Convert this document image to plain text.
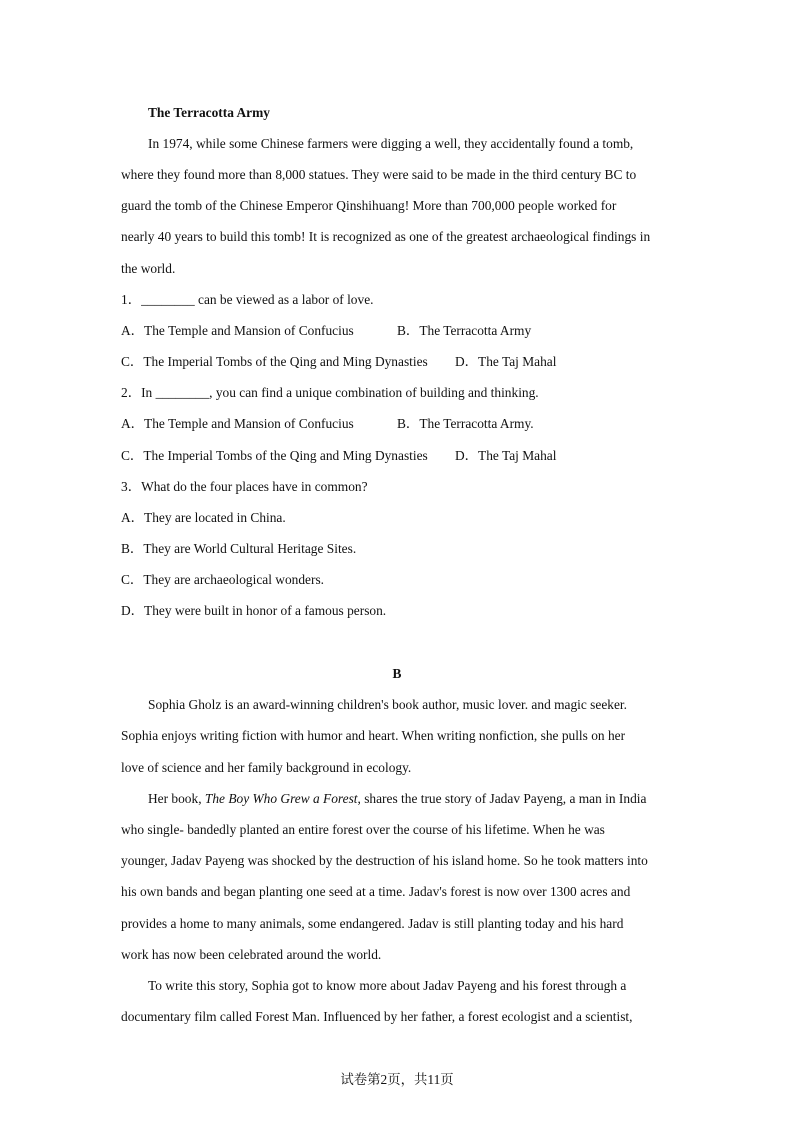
The Terracotta Army
In 1974, while some Chinese farmers were digging a well, they accidentally found a tomb,
where they found more than 8,000 statues. They were said to be made in the third century BC to
guard the tomb of the Chinese Emperor Qinshihuang! More than 700,000 people worked for
nearly 40 years to build this tomb! It is recognized as one of the greatest archaeological findings in
the world.
1．________ can be viewed as a labor of love.
A．The Temple and Mansion of Confucius	B．The Terracotta Army
C．The Imperial Tombs of the Qing and Ming Dynasties D．The Taj Mahal
2．In ________, you can find a unique combination of building and thinking.
A．The Temple and Mansion of Confucius	B．The Terracotta Army.
C．The Imperial Tombs of the Qing and Ming Dynasties D．The Taj Mahal
3．What do the four places have in common?
A．They are located in China.
B．They are World Cultural Heritage Sites.
C．They are archaeological wonders.
D．They were built in honor of a famous person.
B
Sophia Gholz is an award-winning children's book author, music lover. and magic seeker.
Sophia enjoys writing fiction with humor and heart. When writing nonfiction, she pulls on her
love of science and her family background in ecology.
Her book, The Boy Who Grew a Forest, shares the true story of Jadav Payeng, a man in India
who single- bandedly planted an entire forest over the course of his lifetime. When he was
younger, Jadav Payeng was shocked by the destruction of his island home. So he took matters into
his own bands and began planting one seed at a time. Jadav's forest is now over 1300 acres and
provides a home to many animals, some endangered. Jadav is still planting today and his hard
work has now been celebrated around the world.
To write this story, Sophia got to know more about Jadav Payeng and his forest through a
documentary film called Forest Man. Influenced by her father, a forest ecologist and a scientist,
试卷第2页，共11页
